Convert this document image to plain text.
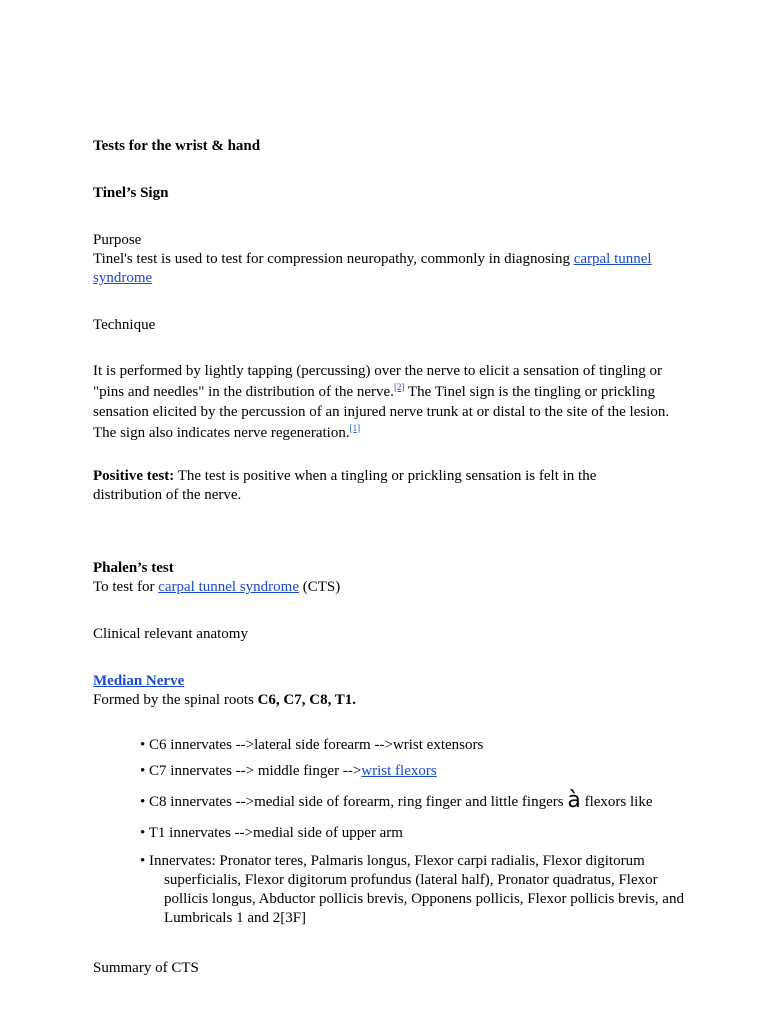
Tests for the wrist & hand

Tinel’s Sign

Purpose

Tinel's test is used to test for compression neuropathy, commonly in diagnosing carpal tunnel syndrome

Technique

It is performed by lightly tapping (percussing) over the nerve to elicit a sensation of tingling or "pins and needles" in the distribution of the nerve.[2] The Tinel sign is the tingling or prickling sensation elicited by the percussion of an injured nerve trunk at or distal to the site of the lesion. The sign also indicates nerve regeneration.[1]

Positive test: The test is positive when a tingling or prickling sensation is felt in the distribution of the nerve.

Phalen’s test

To test for carpal tunnel syndrome (CTS)

Clinical relevant anatomy

Median Nerve

Formed by the spinal roots C6, C7, C8, T1.

• C6 innervates -->lateral side forearm -->wrist extensors

• C7 innervates --> middle finger -->wrist flexors

• C8 innervates -->medial side of forearm, ring finger and little fingers à flexors like

• T1 innervates -->medial side of upper arm

• Innervates: Pronator teres, Palmaris longus, Flexor carpi radialis, Flexor digitorum superficialis, Flexor digitorum profundus (lateral half), Pronator quadratus, Flexor pollicis longus, Abductor pollicis brevis, Opponens pollicis, Flexor pollicis brevis, and Lumbricals 1 and 2[3F]

Summary of CTS
